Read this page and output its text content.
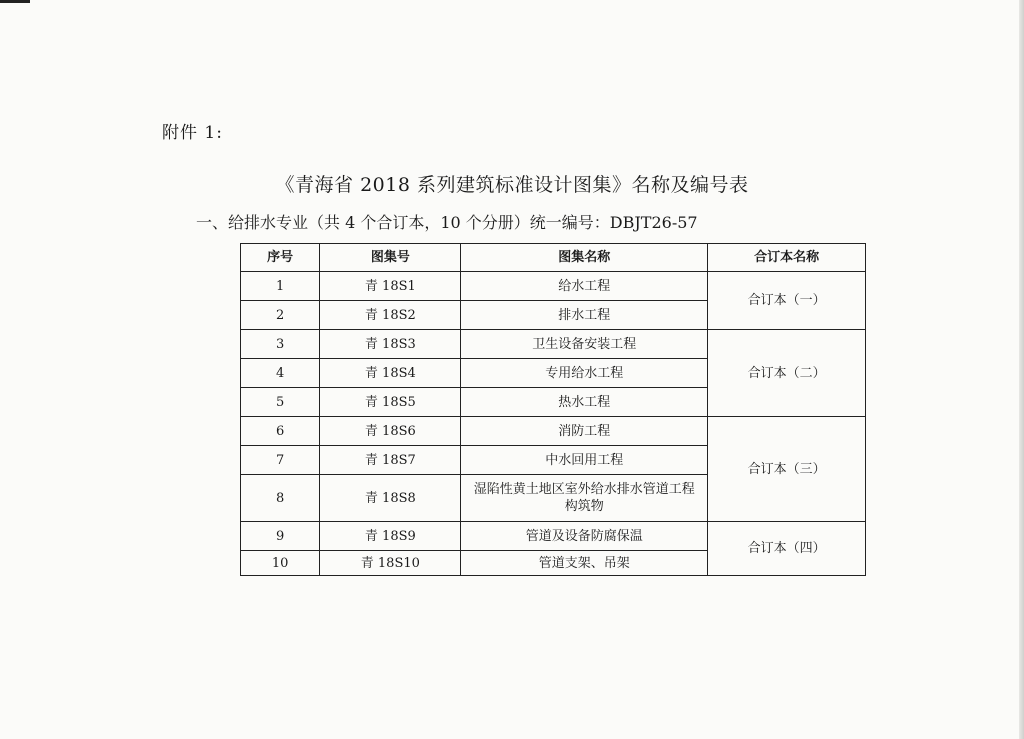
附件 1:
《青海省 2018 系列建筑标准设计图集》名称及编号表
一、给排水专业（共 4 个合订本，10 个分册）统一编号：DBJT26-57
序号	图集号	图集名称	合订本名称
1	青 18S1	给水工程	合订本（一）
2	青 18S2	排水工程	
3	青 18S3	卫生设备安装工程	合订本（二）
4	青 18S4	专用给水工程	
5	青 18S5	热水工程	
6	青 18S6	消防工程	合订本（三）
7	青 18S7	中水回用工程	
8	青 18S8	湿陷性黄土地区室外给水排水管道工程构筑物	
9	青 18S9	管道及设备防腐保温	合订本（四）
10	青 18S10	管道支架、吊架	
